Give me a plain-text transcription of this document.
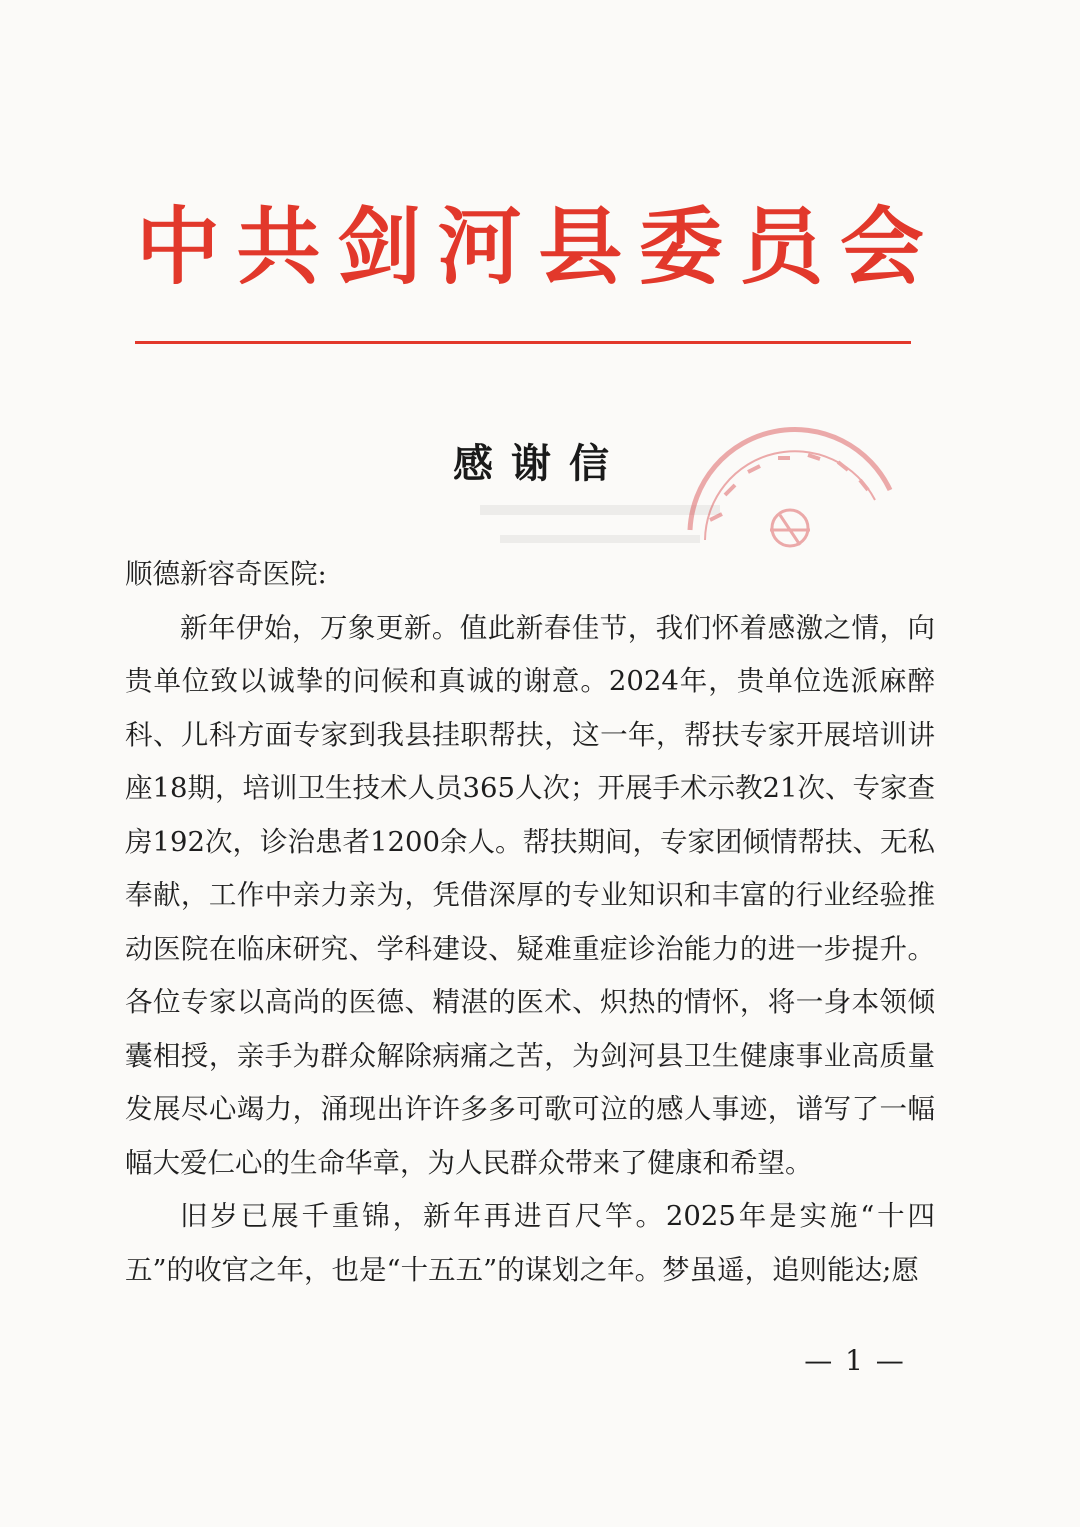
中 共 剑 河 县 委 员 会
感谢信

顺德新容奇医院:

新年伊始，万象更新。值此新春佳节，我们怀着感激之情，向贵单位致以诚挚的问候和真诚的谢意。2024年，贵单位选派麻醉科、儿科方面专家到我县挂职帮扶，这一年，帮扶专家开展培训讲座18期，培训卫生技术人员365人次；开展手术示教21次、专家查房192次，诊治患者1200余人。帮扶期间，专家团倾情帮扶、无私奉献，工作中亲力亲为，凭借深厚的专业知识和丰富的行业经验推动医院在临床研究、学科建设、疑难重症诊治能力的进一步提升。各位专家以高尚的医德、精湛的医术、炽热的情怀，将一身本领倾囊相授，亲手为群众解除病痛之苦，为剑河县卫生健康事业高质量发展尽心竭力，涌现出许许多多可歌可泣的感人事迹，谱写了一幅幅大爱仁心的生命华章，为人民群众带来了健康和希望。

旧岁已展千重锦，新年再进百尺竿。2025年是实施“十四五”的收官之年，也是“十五五”的谋划之年。梦虽遥，追则能达;愿

— 1 —
